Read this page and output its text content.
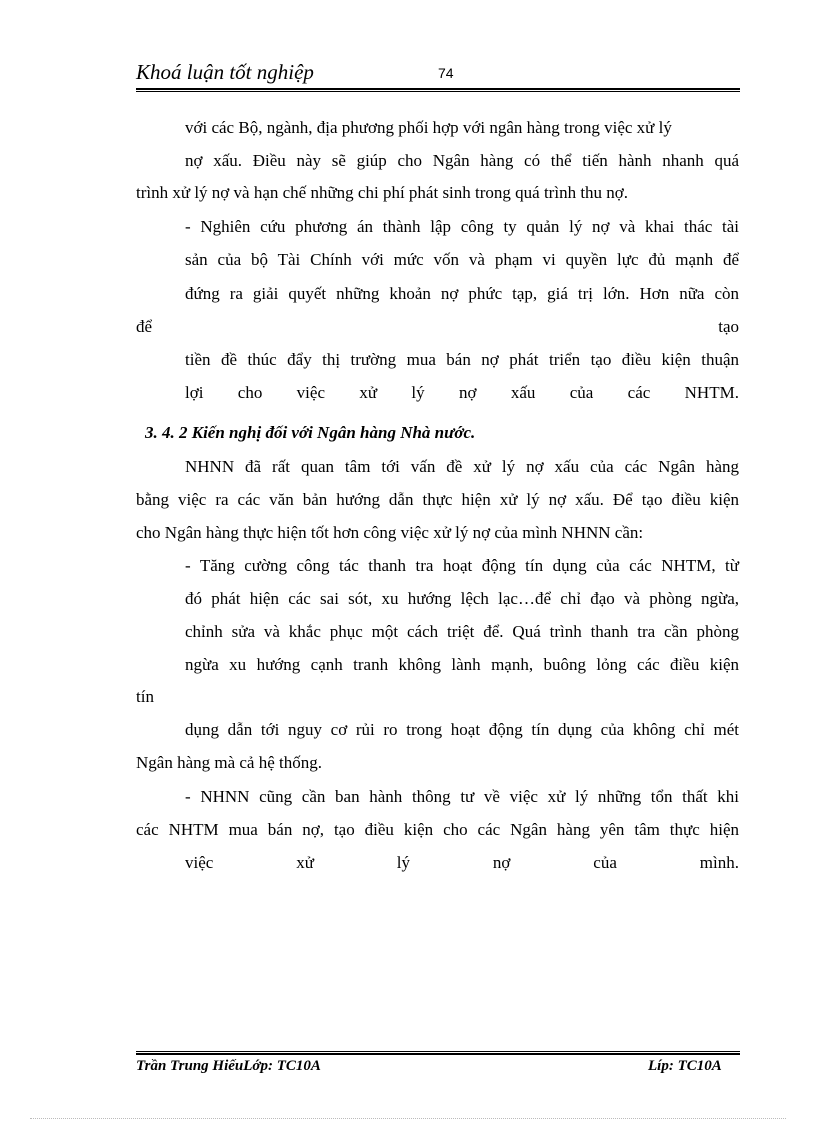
Khoá luận tốt nghiệp	74
với các Bộ, ngành, địa phương phối hợp với ngân hàng trong việc xử lý
nợ xấu. Điều này sẽ giúp cho Ngân hàng có thể tiến hành nhanh quá
trình xử lý nợ và hạn chế những chi phí phát sinh trong quá trình thu nợ.
- Nghiên cứu phương án thành lập công ty quản lý nợ và khai thác tài
sản của bộ Tài Chính với mức vốn và phạm vi quyền lực đủ mạnh để
đứng ra giải quyết những khoản nợ phức tạp, giá trị lớn. Hơn nữa còn
để	tạo
tiền đề thúc đẩy thị trường mua bán nợ phát triển tạo điều kiện thuận
lợi cho việc xử lý nợ xấu của các NHTM.
3. 4. 2 Kiến nghị đối với Ngân hàng Nhà nước.
NHNN đã rất quan tâm tới vấn đề xử lý nợ xấu của các Ngân hàng
bằng việc ra các văn bản hướng dẫn thực hiện xử lý nợ xấu. Để tạo điều kiện
cho Ngân hàng thực hiện tốt hơn công việc xử lý nợ của mình NHNN cần:
- Tăng cường công tác thanh tra hoạt động tín dụng của các NHTM, từ
đó phát hiện các sai sót, xu hướng lệch lạc…để chỉ đạo và phòng ngừa,
chỉnh sửa và khắc phục một cách triệt để. Quá trình thanh tra cần phòng
ngừa xu hướng cạnh tranh không lành mạnh, buông lỏng các điều kiện
tín
dụng dẫn tới nguy cơ rủi ro trong hoạt động tín dụng của không chỉ mét
Ngân hàng mà cả hệ thống.
- NHNN cũng cần ban hành thông tư về việc xử lý những tổn thất khi
các NHTM mua bán nợ, tạo điều kiện cho các Ngân hàng yên tâm thực hiện
việc	xử	lý	nợ	của	mình.
Trần Trung HiếuLớp: TC10A	Líp: TC10A
